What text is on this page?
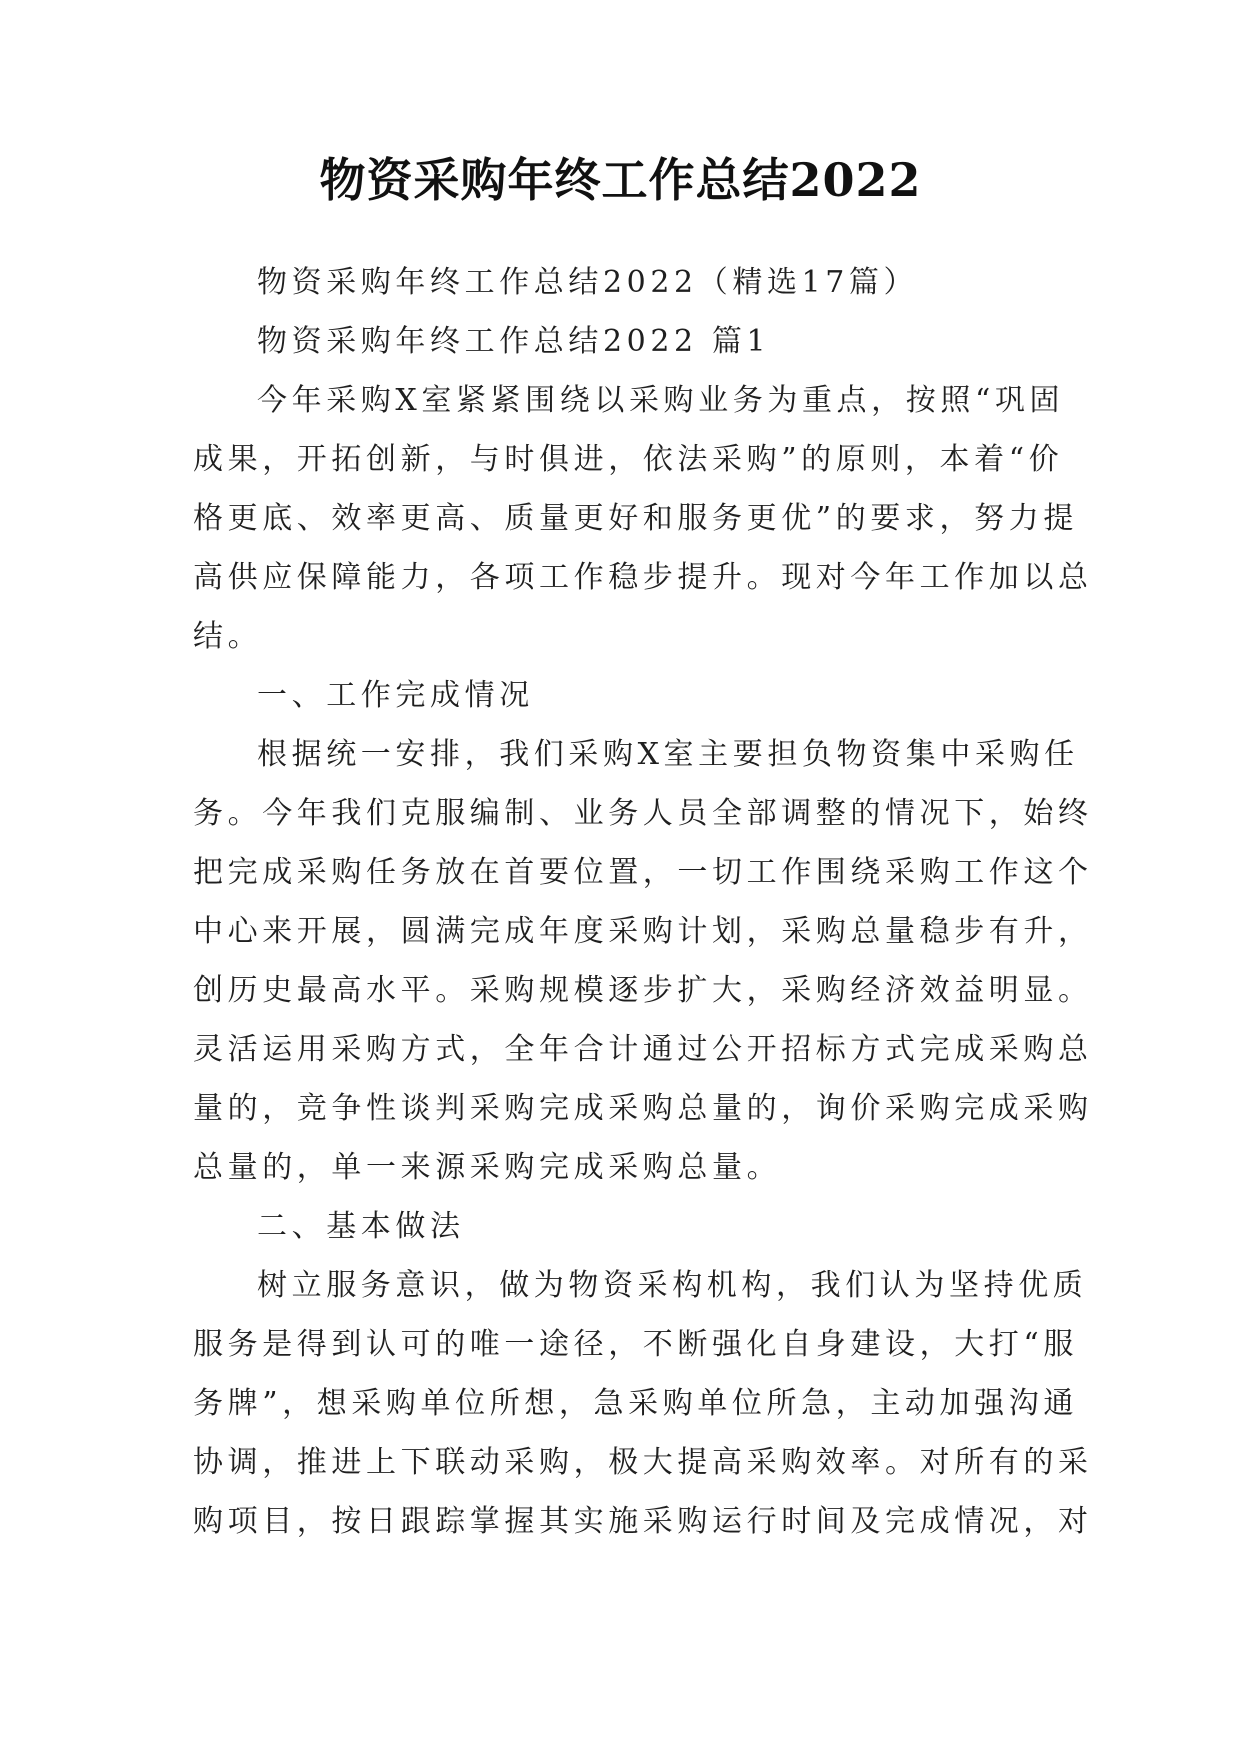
物资采购年终工作总结2022
物资采购年终工作总结2022（精选17篇）
物资采购年终工作总结2022 篇1
今年采购X室紧紧围绕以采购业务为重点，按照“巩固
成果，开拓创新，与时俱进，依法采购”的原则，本着“价
格更底、效率更高、质量更好和服务更优”的要求，努力提
高供应保障能力，各项工作稳步提升。现对今年工作加以总
结。
一、工作完成情况
根据统一安排，我们采购X室主要担负物资集中采购任
务。今年我们克服编制、业务人员全部调整的情况下，始终
把完成采购任务放在首要位置，一切工作围绕采购工作这个
中心来开展，圆满完成年度采购计划，采购总量稳步有升，
创历史最高水平。采购规模逐步扩大，采购经济效益明显。
灵活运用采购方式，全年合计通过公开招标方式完成采购总
量的，竞争性谈判采购完成采购总量的，询价采购完成采购
总量的，单一来源采购完成采购总量。
二、基本做法
树立服务意识，做为物资采构机构，我们认为坚持优质
服务是得到认可的唯一途径，不断强化自身建设，大打“服
务牌”，想采购单位所想，急采购单位所急，主动加强沟通
协调，推进上下联动采购，极大提高采购效率。对所有的采
购项目，按日跟踪掌握其实施采购运行时间及完成情况，对
